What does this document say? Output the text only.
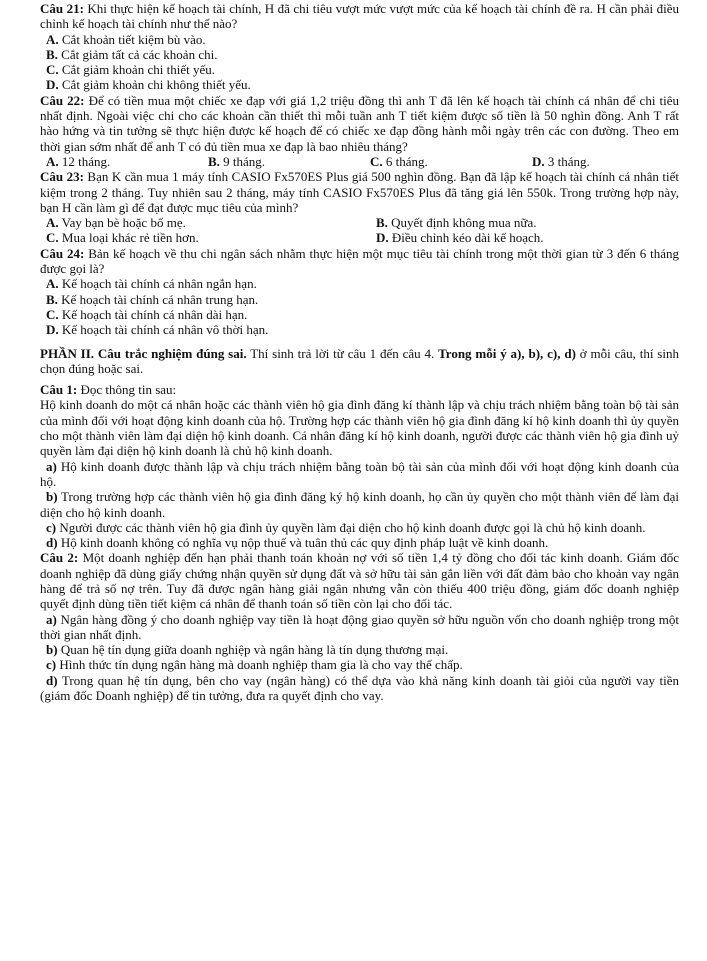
Câu 21: Khi thực hiện kế hoạch tài chính, H đã chi tiêu vượt mức vượt mức của kế hoạch tài chính đề ra. H cần phải điều chỉnh kế hoạch tài chính như thế nào?

A. Cắt khoản tiết kiệm bù vào.
B. Cắt giảm tất cả các khoản chi.
C. Cắt giảm khoản chi thiết yếu.
D. Cắt giảm khoản chi không thiết yếu.

Câu 22: Để có tiền mua một chiếc xe đạp với giá 1,2 triệu đồng thì anh T đã lên kế hoạch tài chính cá nhân để chi tiêu nhất định. Ngoài việc chi cho các khoản cần thiết thì mỗi tuần anh T tiết kiệm được số tiền là 50 nghìn đồng. Anh T rất hào hứng và tin tưởng sẽ thực hiện được kế hoạch để có chiếc xe đạp đồng hành mỗi ngày trên các con đường. Theo em thời gian sớm nhất để anh T có đủ tiền mua xe đạp là bao nhiêu tháng?

A. 12 tháng.	B. 9 tháng.	C. 6 tháng.	D. 3 tháng.

Câu 23: Bạn K cần mua 1 máy tính CASIO Fx570ES Plus giá 500 nghìn đồng. Bạn đã lập kế hoạch tài chính cá nhân tiết kiệm trong 2 tháng. Tuy nhiên sau 2 tháng, máy tính CASIO Fx570ES Plus đã tăng giá lên 550k. Trong trường hợp này, bạn H cần làm gì để đạt được mục tiêu của mình?

A. Vay bạn bè hoặc bố mẹ.	B. Quyết định không mua nữa.
C. Mua loại khác rẻ tiền hơn.	D. Điều chỉnh kéo dài kế hoạch.

Câu 24: Bản kế hoạch về thu chi ngân sách nhằm thực hiện một mục tiêu tài chính trong một thời gian từ 3 đến 6 tháng được gọi là?

A. Kế hoạch tài chính cá nhân ngắn hạn.
B. Kế hoạch tài chính cá nhân trung hạn.
C. Kế hoạch tài chính cá nhân dài hạn.
D. Kế hoạch tài chính cá nhân vô thời hạn.

PHẦN II. Câu trắc nghiệm đúng sai. Thí sinh trả lời từ câu 1 đến câu 4. Trong mỗi ý a), b), c), d) ở mỗi câu, thí sinh chọn đúng hoặc sai.

Câu 1: Đọc thông tin sau:

Hộ kinh doanh do một cá nhân hoặc các thành viên hộ gia đình đăng kí thành lập và chịu trách nhiệm bằng toàn bộ tài sản của mình đối với hoạt động kinh doanh của hộ. Trường hợp các thành viên hộ gia đình đăng kí hộ kinh doanh thì ủy quyền cho một thành viên làm đại diện hộ kinh doanh. Cá nhân đăng kí hộ kinh doanh, người được các thành viên hộ gia đình uỷ quyền làm đại diện hộ kinh doanh là chủ hộ kinh doanh.

a) Hộ kinh doanh được thành lập và chịu trách nhiệm bằng toàn bộ tài sản của mình đối với hoạt động kinh doanh của hộ.

b) Trong trường hợp các thành viên hộ gia đình đăng ký hộ kinh doanh, họ cần ủy quyền cho một thành viên để làm đại diện cho hộ kinh doanh.

c) Người được các thành viên hộ gia đình ủy quyền làm đại diện cho hộ kinh doanh được gọi là chủ hộ kinh doanh.

d) Hộ kinh doanh không có nghĩa vụ nộp thuế và tuân thủ các quy định pháp luật về kinh doanh.

Câu 2: Một doanh nghiệp đến hạn phải thanh toán khoản nợ với số tiền 1,4 tỷ đồng cho đối tác kinh doanh. Giám đốc doanh nghiệp đã dùng giấy chứng nhận quyền sử dụng đất và sở hữu tài sản gắn liền với đất đảm bảo cho khoản vay ngân hàng để trả số nợ trên. Tuy đã được ngân hàng giải ngân nhưng vẫn còn thiếu 400 triệu đồng, giám đốc doanh nghiệp quyết định dùng tiền tiết kiệm cá nhân để thanh toán số tiền còn lại cho đối tác.

a) Ngân hàng đồng ý cho doanh nghiệp vay tiền là hoạt động giao quyền sở hữu nguồn vốn cho doanh nghiệp trong một thời gian nhất định.

b) Quan hệ tín dụng giữa doanh nghiệp và ngân hàng là tín dụng thương mại.

c) Hình thức tín dụng ngân hàng mà doanh nghiệp tham gia là cho vay thế chấp.

d) Trong quan hệ tín dụng, bên cho vay (ngân hàng) có thể dựa vào khả năng kinh doanh tài giỏi của người vay tiền (giám đốc Doanh nghiệp) để tin tưởng, đưa ra quyết định cho vay.
